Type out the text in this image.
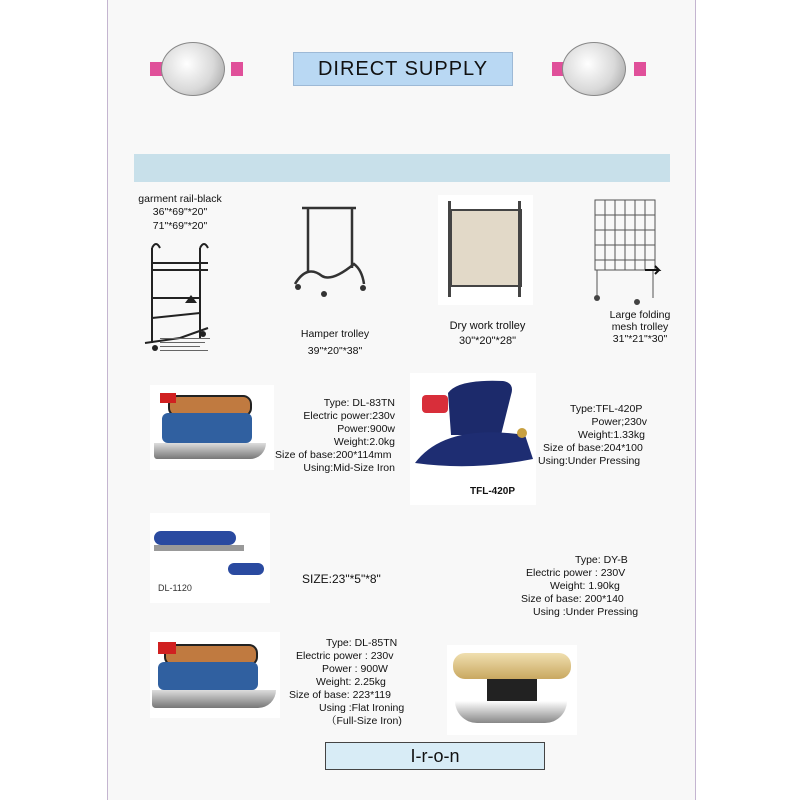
DIRECT SUPPLY
garment rail-black
36"*69"*20"
71"*69"*20"
Hamper trolley
39"*20"*38"
Dry work trolley
30"*20"*28"
Large folding
mesh trolley
31"*21"*30"
Type: DL-83TN
Electric power:230v
Power:900w
Weight:2.0kg
Size of base:200*114mm
Using:Mid-Size Iron
TFL-420P
Type:TFL-420P
Power;230v
Weight:1.33kg
Size of base:204*100
Using:Under Pressing
DL-1120
SIZE:23"*5"*8"
Type: DY-B
Electric power : 230V
Weight: 1.90kg
Size of base: 200*140
Using :Under Pressing
Type: DL-85TN
Electric power : 230v
Power : 900W
Weight: 2.25kg
Size of base: 223*119
Using :Flat Ironing
（Full-Size Iron)
I-r-o-n
